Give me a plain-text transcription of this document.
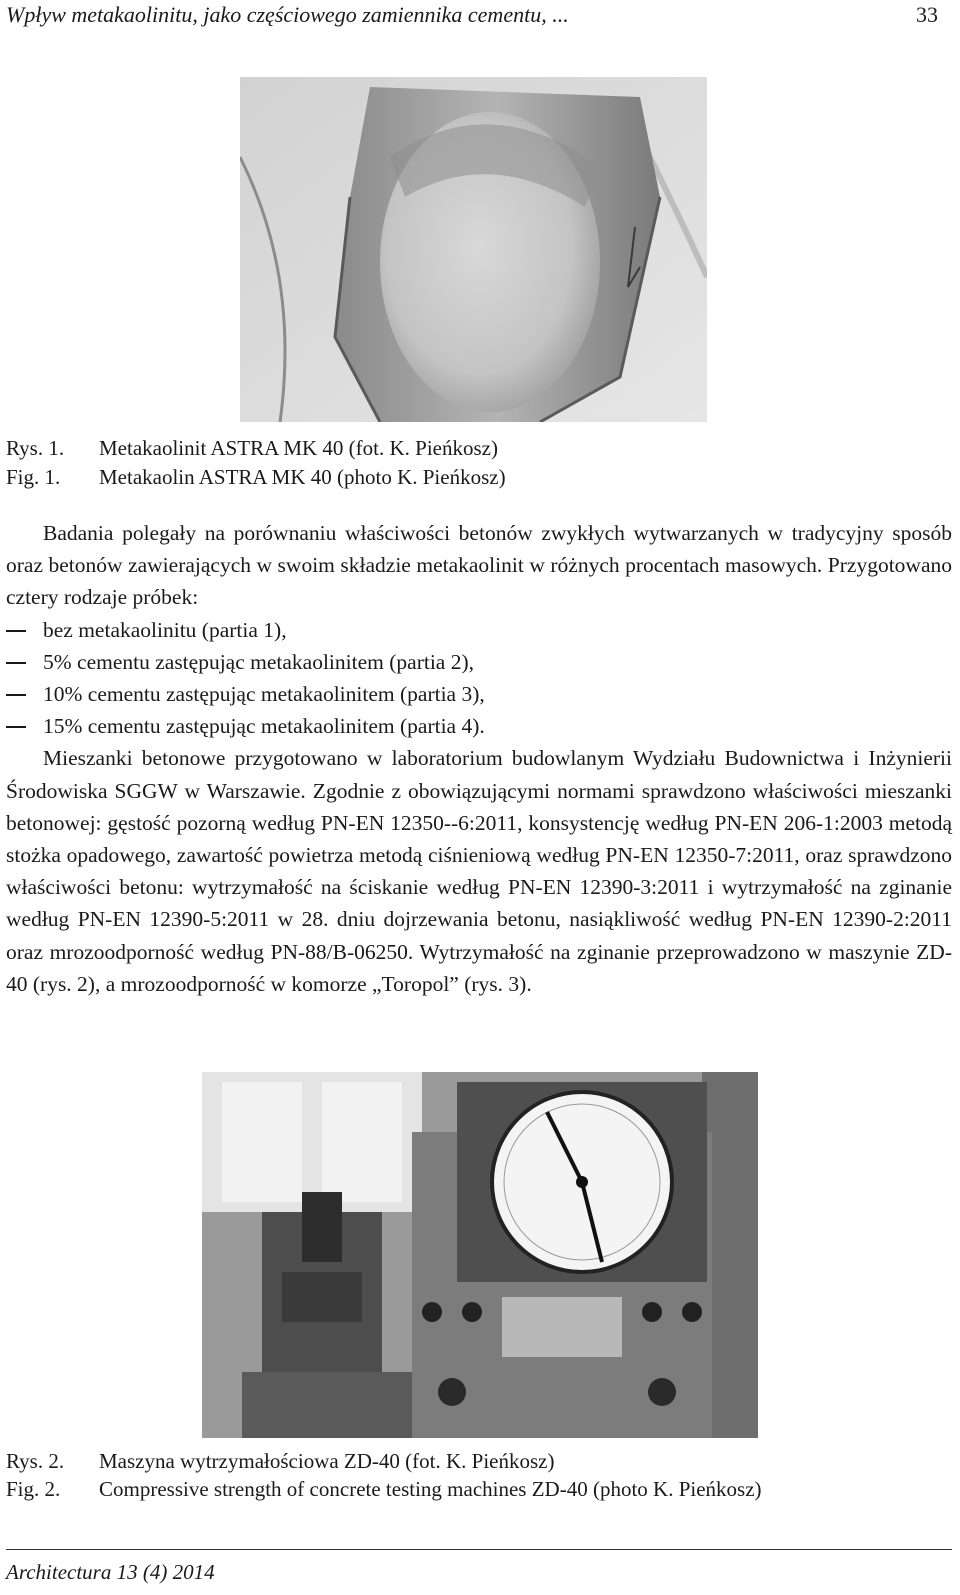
Wpływ metakaolinitu, jako częściowego zamiennika cementu, ...	33
Rys. 1. Metakaolinit ASTRA MK 40 (fot. K. Pieńkosz)
Fig. 1. Metakaolin ASTRA MK 40 (photo K. Pieńkosz)

Badania polegały na porównaniu właściwości betonów zwykłych wytwarzanych w tradycyjny sposób oraz betonów zawierających w swoim składzie metakaolinit w różnych procentach masowych. Przygotowano cztery rodzaje próbek:

bez metakaolinitu (partia 1),
5% cementu zastępując metakaolinitem (partia 2),
10% cementu zastępując metakaolinitem (partia 3),
15% cementu zastępując metakaolinitem (partia 4).

Mieszanki betonowe przygotowano w laboratorium budowlanym Wydziału Budownictwa i Inżynierii Środowiska SGGW w Warszawie. Zgodnie z obowiązującymi normami sprawdzono właściwości mieszanki betonowej: gęstość pozorną według PN-EN 12350--6:2011, konsystencję według PN-EN 206-1:2003 metodą stożka opadowego, zawartość powietrza metodą ciśnieniową według PN-EN 12350-7:2011, oraz sprawdzono właściwości betonu: wytrzymałość na ściskanie według PN-EN 12390-3:2011 i wytrzymałość na zginanie według PN-EN 12390-5:2011 w 28. dniu dojrzewania betonu, nasiąkliwość według PN-EN 12390-2:2011 oraz mrozoodporność według PN-88/B-06250. Wytrzymałość na zginanie przeprowadzono w maszynie ZD-40 (rys. 2), a mrozoodporność w komorze „Toropol” (rys. 3).

Rys. 2. Maszyna wytrzymałościowa ZD-40 (fot. K. Pieńkosz)
Fig. 2. Compressive strength of concrete testing machines ZD-40 (photo K. Pieńkosz)
Architectura 13 (4) 2014
